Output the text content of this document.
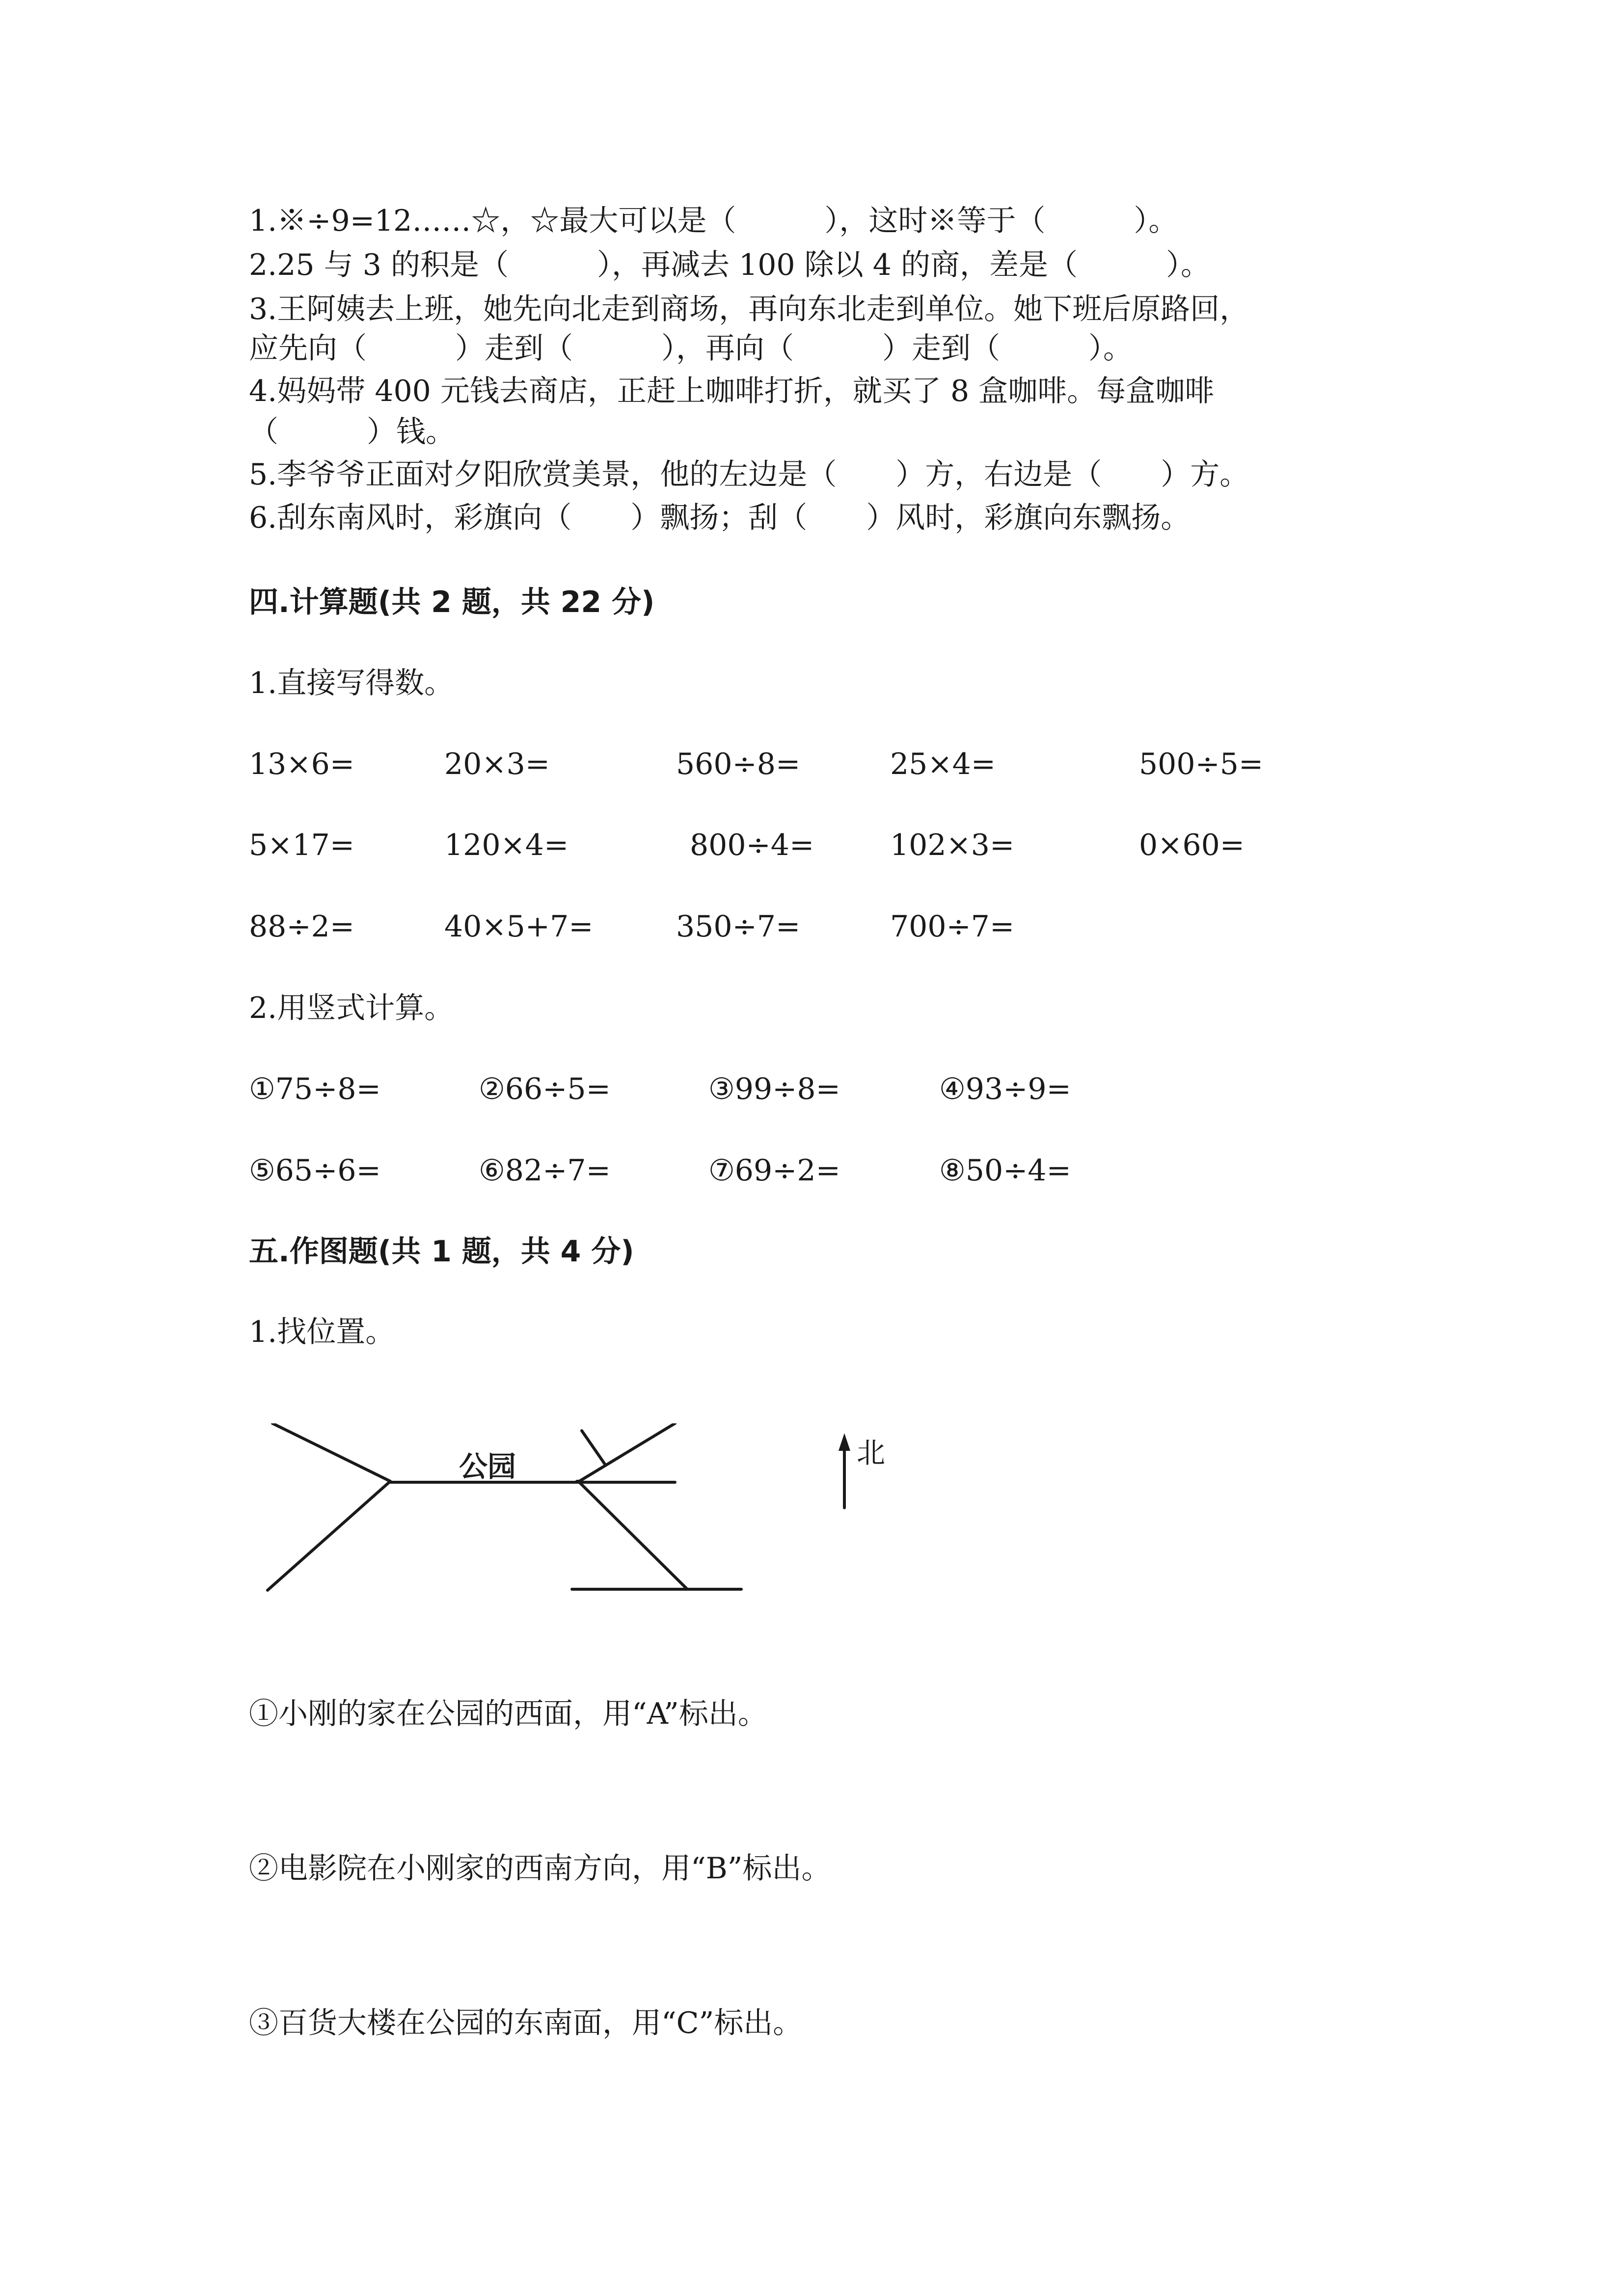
1.※÷9=12……☆，☆最大可以是（　　　），这时※等于（　　　）。
2.25 与 3 的积是（　　　），再减去 100 除以 4 的商，差是（　　　）。
3.王阿姨去上班，她先向北走到商场，再向东北走到单位。她下班后原路回，
应先向（　　　）走到（　　　），再向（　　　）走到（　　　）。
4.妈妈带 400 元钱去商店，正赶上咖啡打折，就买了 8 盒咖啡。每盒咖啡
（　　　）钱。
5.李爷爷正面对夕阳欣赏美景，他的左边是（　　）方，右边是（　　）方。
6.刮东南风时，彩旗向（　　）飘扬；刮（　　）风时，彩旗向东飘扬。
四.计算题(共 2 题，共 22 分)
1.直接写得数。
13×6=	20×3=	560÷8=	25×4=	500÷5=
5×17=	120×4=	800÷4=	102×3=	0×60=
88÷2=	40×5+7=	350÷7=	700÷7=
2.用竖式计算。
①75÷8=	②66÷5=	③99÷8=	④93÷9=
⑤65÷6=	⑥82÷7=	⑦69÷2=	⑧50÷4=
五.作图题(共 1 题，共 4 分)
1.找位置。
公园	北
①小刚的家在公园的西面，用“A”标出。
②电影院在小刚家的西南方向，用“B”标出。
③百货大楼在公园的东南面，用“C”标出。
